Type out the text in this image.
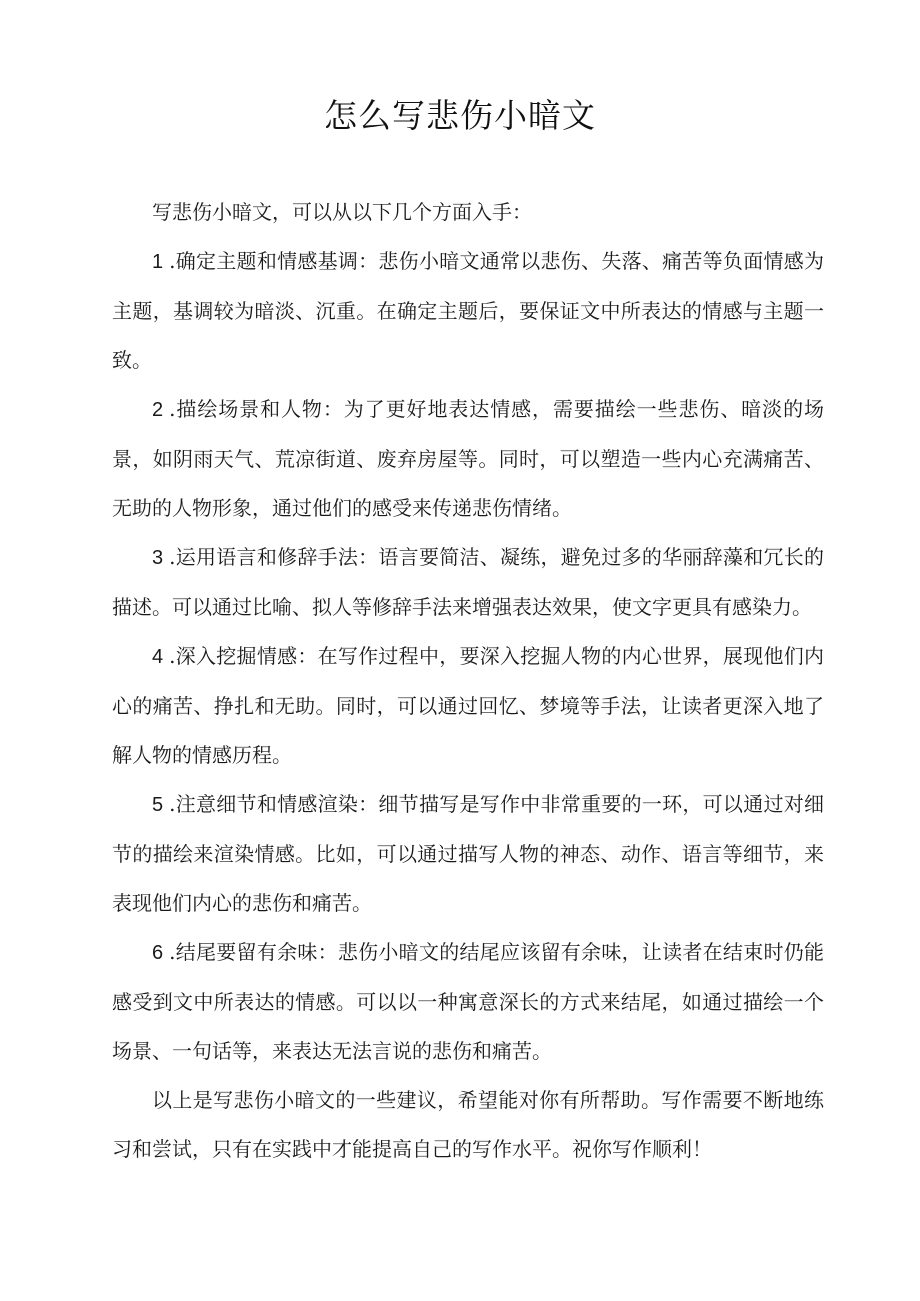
怎么写悲伤小暗文

写悲伤小暗文，可以从以下几个方面入手：

1 .确定主题和情感基调：悲伤小暗文通常以悲伤、失落、痛苦等负面情感为主题，基调较为暗淡、沉重。在确定主题后，要保证文中所表达的情感与主题一致。

2 .描绘场景和人物：为了更好地表达情感，需要描绘一些悲伤、暗淡的场景，如阴雨天气、荒凉街道、废弃房屋等。同时，可以塑造一些内心充满痛苦、无助的人物形象，通过他们的感受来传递悲伤情绪。

3 .运用语言和修辞手法：语言要简洁、凝练，避免过多的华丽辞藻和冗长的描述。可以通过比喻、拟人等修辞手法来增强表达效果，使文字更具有感染力。

4 .深入挖掘情感：在写作过程中，要深入挖掘人物的内心世界，展现他们内心的痛苦、挣扎和无助。同时，可以通过回忆、梦境等手法，让读者更深入地了解人物的情感历程。

5 .注意细节和情感渲染：细节描写是写作中非常重要的一环，可以通过对细节的描绘来渲染情感。比如，可以通过描写人物的神态、动作、语言等细节，来表现他们内心的悲伤和痛苦。

6 .结尾要留有余味：悲伤小暗文的结尾应该留有余味，让读者在结束时仍能感受到文中所表达的情感。可以以一种寓意深长的方式来结尾，如通过描绘一个场景、一句话等，来表达无法言说的悲伤和痛苦。

以上是写悲伤小暗文的一些建议，希望能对你有所帮助。写作需要不断地练习和尝试，只有在实践中才能提高自己的写作水平。祝你写作顺利！
